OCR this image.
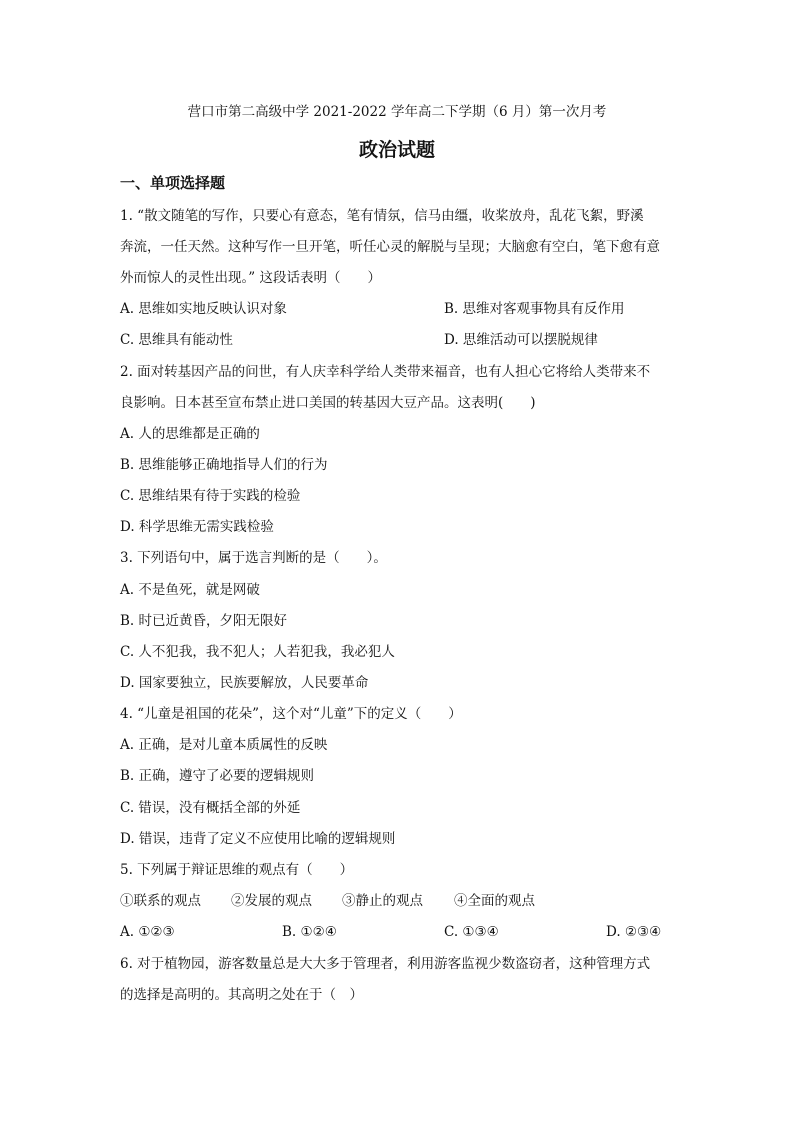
营口市第二高级中学 2021-2022 学年高二下学期（6 月）第一次月考
政治试题
一、单项选择题
1. “散文随笔的写作，只要心有意态，笔有情氛，信马由缰，收桨放舟，乱花飞絮，野溪
奔流，一任天然。这种写作一旦开笔，听任心灵的解脱与呈现；大脑愈有空白，笔下愈有意
外而惊人的灵性出现。” 这段话表明（　　）
A. 思维如实地反映认识对象	B. 思维对客观事物具有反作用
C. 思维具有能动性	D. 思维活动可以摆脱规律
2. 面对转基因产品的问世，有人庆幸科学给人类带来福音，也有人担心它将给人类带来不
良影响。日本甚至宣布禁止进口美国的转基因大豆产品。这表明(　　)
A. 人的思维都是正确的
B. 思维能够正确地指导人们的行为
C. 思维结果有待于实践的检验
D. 科学思维无需实践检验
3. 下列语句中，属于选言判断的是（　　）。
A. 不是鱼死，就是网破
B. 时已近黄昏，夕阳无限好
C. 人不犯我，我不犯人；人若犯我，我必犯人
D. 国家要独立，民族要解放，人民要革命
4. “儿童是祖国的花朵”，这个对“儿童”下的定义（　　）
A. 正确，是对儿童本质属性的反映
B. 正确，遵守了必要的逻辑规则
C. 错误，没有概括全部的外延
D. 错误，违背了定义不应使用比喻的逻辑规则
5. 下列属于辩证思维的观点有（　　）
①联系的观点 ②发展的观点 ③静止的观点 ④全面的观点
A. ①②③	B. ①②④	C. ①③④	D. ②③④
6. 对于植物园，游客数量总是大大多于管理者，利用游客监视少数盗窃者，这种管理方式
的选择是高明的。其高明之处在于（　）
